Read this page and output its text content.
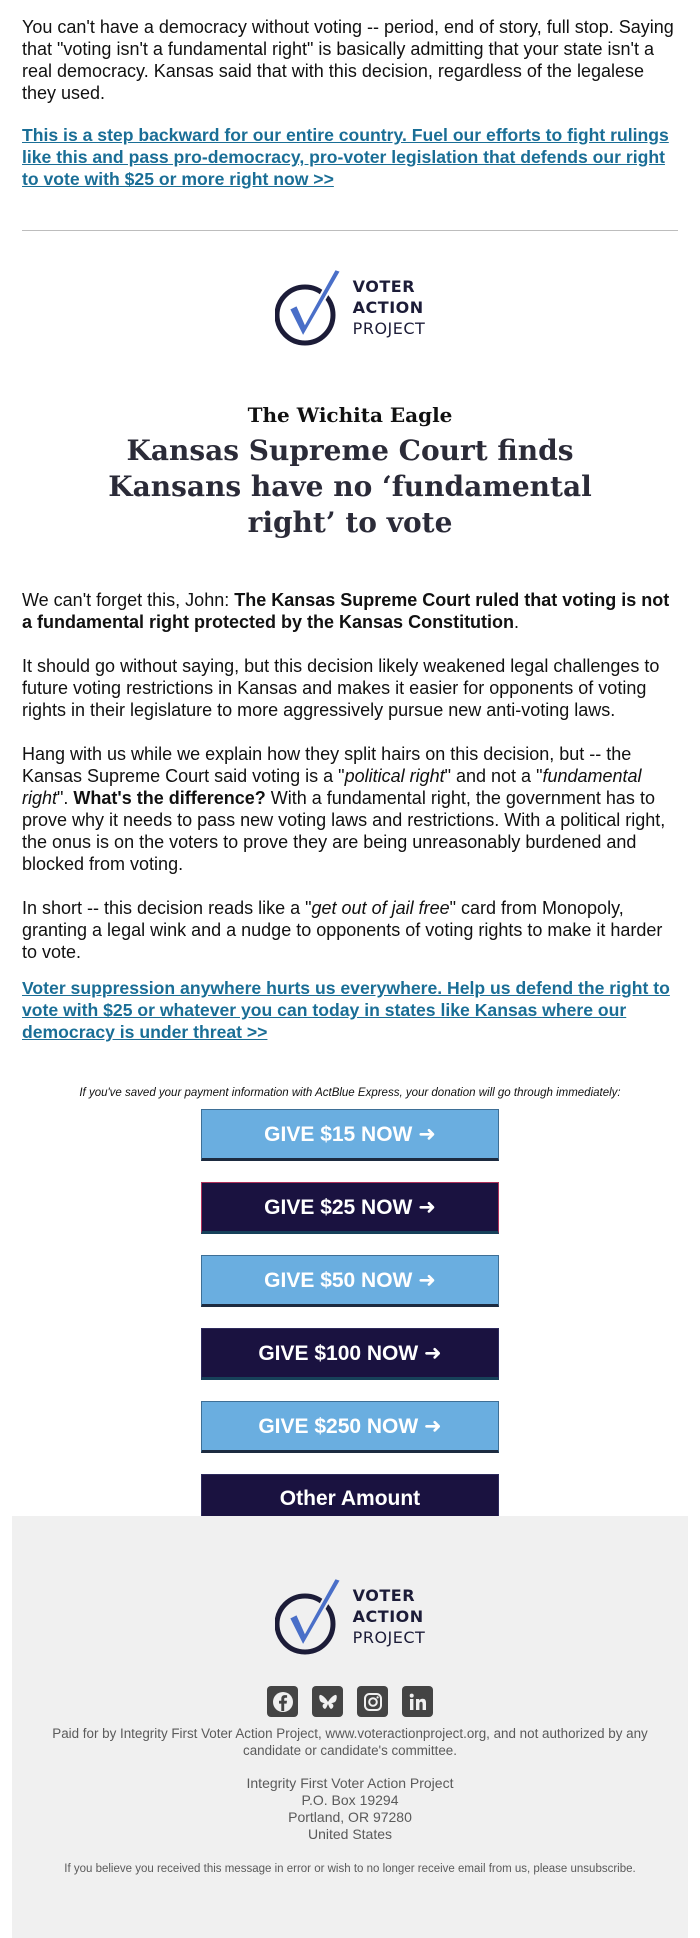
You can't have a democracy without voting -- period, end of story, full stop. Saying that "voting isn't a fundamental right" is basically admitting that your state isn't a real democracy. Kansas said that with this decision, regardless of the legalese they used.

This is a step backward for our entire country. Fuel our efforts to fight rulings like this and pass pro-democracy, pro-voter legislation that defends our right to vote with $25 or more right now >>
VOTER
ACTION
PROJECT
The Wichita Eagle
Kansas Supreme Court finds Kansans have no ‘fundamental right’ to vote

We can't forget this, John: The Kansas Supreme Court ruled that voting is not a fundamental right protected by the Kansas Constitution.

It should go without saying, but this decision likely weakened legal challenges to future voting restrictions in Kansas and makes it easier for opponents of voting rights in their legislature to more aggressively pursue new anti-voting laws.

Hang with us while we explain how they split hairs on this decision, but -- the Kansas Supreme Court said voting is a "political right" and not a "fundamental right". What's the difference? With a fundamental right, the government has to prove why it needs to pass new voting laws and restrictions. With a political right, the onus is on the voters to prove they are being unreasonably burdened and blocked from voting.

In short -- this decision reads like a "get out of jail free" card from Monopoly, granting a legal wink and a nudge to opponents of voting rights to make it harder to vote.

Voter suppression anywhere hurts us everywhere. Help us defend the right to vote with $25 or whatever you can today in states like Kansas where our democracy is under threat >>
If you've saved your payment information with ActBlue Express, your donation will go through immediately:
GIVE $15 NOW ➜
GIVE $25 NOW ➜
GIVE $50 NOW ➜
GIVE $100 NOW ➜
GIVE $250 NOW ➜
Other Amount
VOTER
ACTION
PROJECT
Paid for by Integrity First Voter Action Project, www.voteractionproject.org, and not authorized by any candidate or candidate's committee.
Integrity First Voter Action Project
P.O. Box 19294
Portland, OR 97280
United States
If you believe you received this message in error or wish to no longer receive email from us, please unsubscribe.
